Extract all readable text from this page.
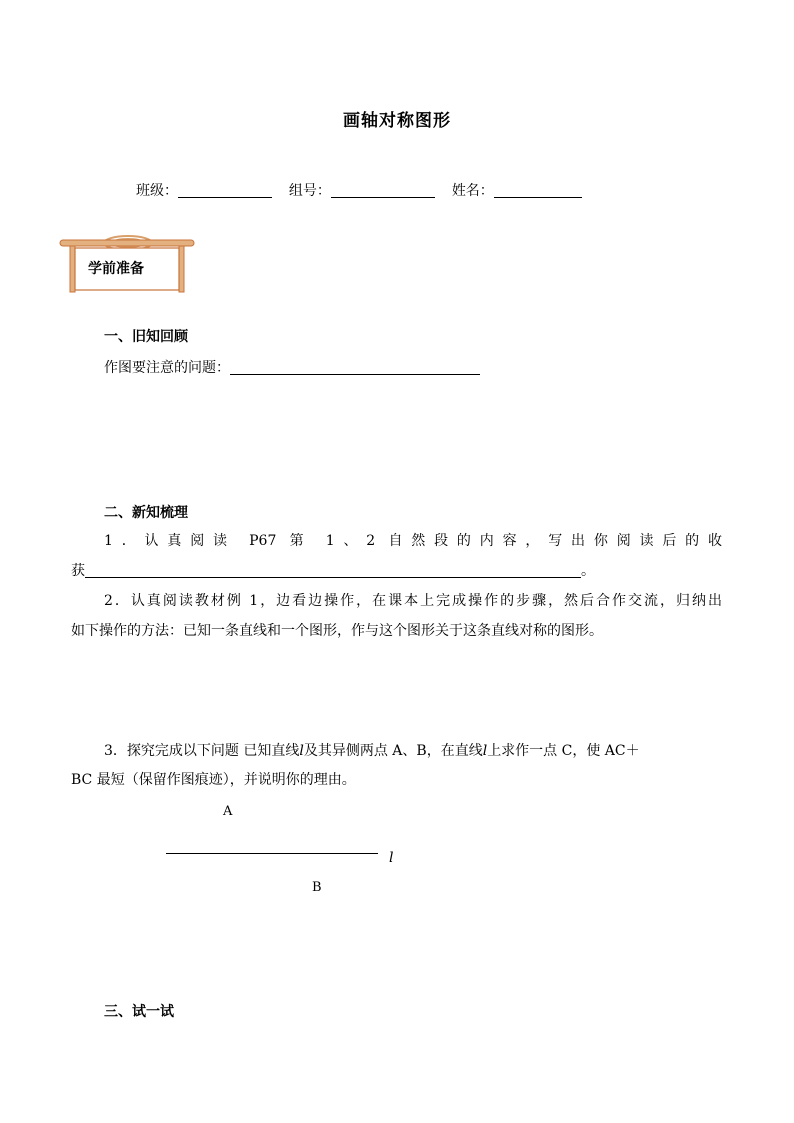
画轴对称图形
班级：	组号：	姓名：
学前准备
一、旧知回顾
作图要注意的问题：
二、新知梳理
1．认真阅读 P67 第 1、2 自然段的内容，写出你阅读后的收
获	。
2．认真阅读教材例 1，边看边操作，在课本上完成操作的步骤，然后合作交流，归纳出
如下操作的方法：已知一条直线和一个图形，作与这个图形关于这条直线对称的图形。
3．探究完成以下问题 已知直线l及其异侧两点 A、B，在直线l上求作一点 C，使 AC＋
BC 最短（保留作图痕迹），并说明你的理由。
A
l
B
三、试一试
